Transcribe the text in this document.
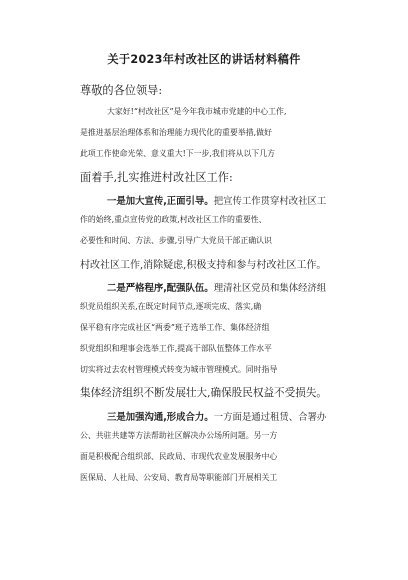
关于2023年村改社区的讲话材料稿件
尊敬的各位领导:
大家好!“村改社区”是今年我市城市党建的中心工作,
是推进基层治理体系和治理能力现代化的重要举措,做好
此项工作使命光荣、意义重大!下一步,我们将从以下几方
面着手,扎实推进村改社区工作:
一是加大宣传,正面引导。把宣传工作贯穿村改社区工
作的始终,重点宣传党的政策,村改社区工作的重要性、
必要性和时间、方法、步骤,引导广大党员干部正确认识
村改社区工作,消除疑虑,积极支持和参与村改社区工作。
二是严格程序,配强队伍。理清社区党员和集体经济组
织党员组织关系,在既定时间节点,逐项完成、落实,确
保平稳有序完成社区“两委”班子选举工作、集体经济组
织党组织和理事会选举工作,提高干部队伍整体工作水平
切实将过去农村管理模式转变为城市管理模式。同时指导
集体经济组织不断发展壮大,确保股民权益不受损失。
三是加强沟通,形成合力。一方面是通过租赁、合署办
公、共驻共建等方法帮助社区解决办公场所问题。另一方
面是积极配合组织部、民政局、市现代农业发展服务中心
医保局、人社局、公安局、教育局等职能部门开展相关工
